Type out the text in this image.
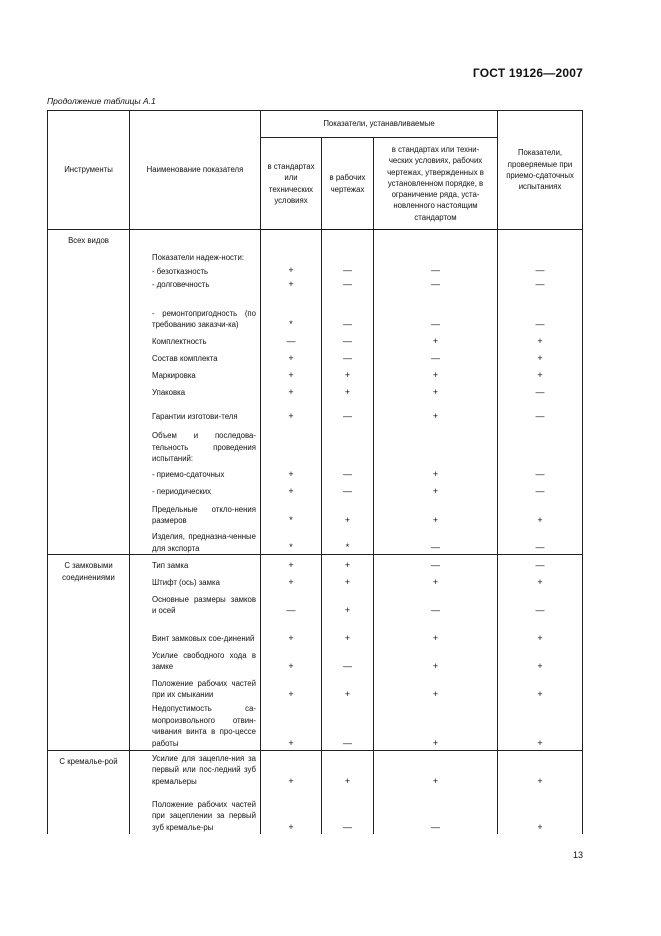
ГОСТ 19126—2007
Продолжение таблицы А.1
Инструменты	Наименование показателя	Показатели, устанавливаемые			Показатели, проверяемые при приемо-сдаточных испытаниях
		в стандартах или технических условиях	в рабочих чертежах	в стандартах или техни-ческих условиях, рабочих чертежах, утвержденных в установленном порядке, в ограничение ряда, уста-новленного настоящим стандартом	
Всех видов	Показатели надеж-ности:				
	- безотказность	+	—	—	—
	- долговечность	+	—	—	—
	- ремонтопригодность (по требованию заказчи-ка)	*	—	—	—
	Комплектность	—	—	+	+
	Состав комплекта	+	—	—	+
	Маркировка	+	+	+	+
	Упаковка	+	+	+	—
	Гарантии изготови-теля	+	—	+	—
	Объем и последова-тельность проведения испытаний:				
	- приемо-сдаточных	+	—	+	—
	- периодических	+	—	+	—
	Предельные откло-нения размеров	*	+	+	+
	Изделия, предназна-ченные для экспорта	*	*	—	—
С замковыми соединениями	Тип замка	+	+	—	—
	Штифт (ось) замка	+	+	+	+
	Основные размеры замков и осей	—	+	—	—
	Винт замковых сое-динений	+	+	+	+
	Усилие свободного хода в замке	+	—	+	+
	Положение рабочих частей при их смыкании	+	+	+	+
	Недопустимость са-мопроизвольного отвин-чивания винта в про-цессе работы	+	—	+	+
С кремалье-рой	Усилие для зацепле-ния за первый или пос-ледний зуб кремальеры	+	+	+	+
	Положение рабочих частей при зацеплении за первый зуб кремалье-ры	+	—	—	+
13
